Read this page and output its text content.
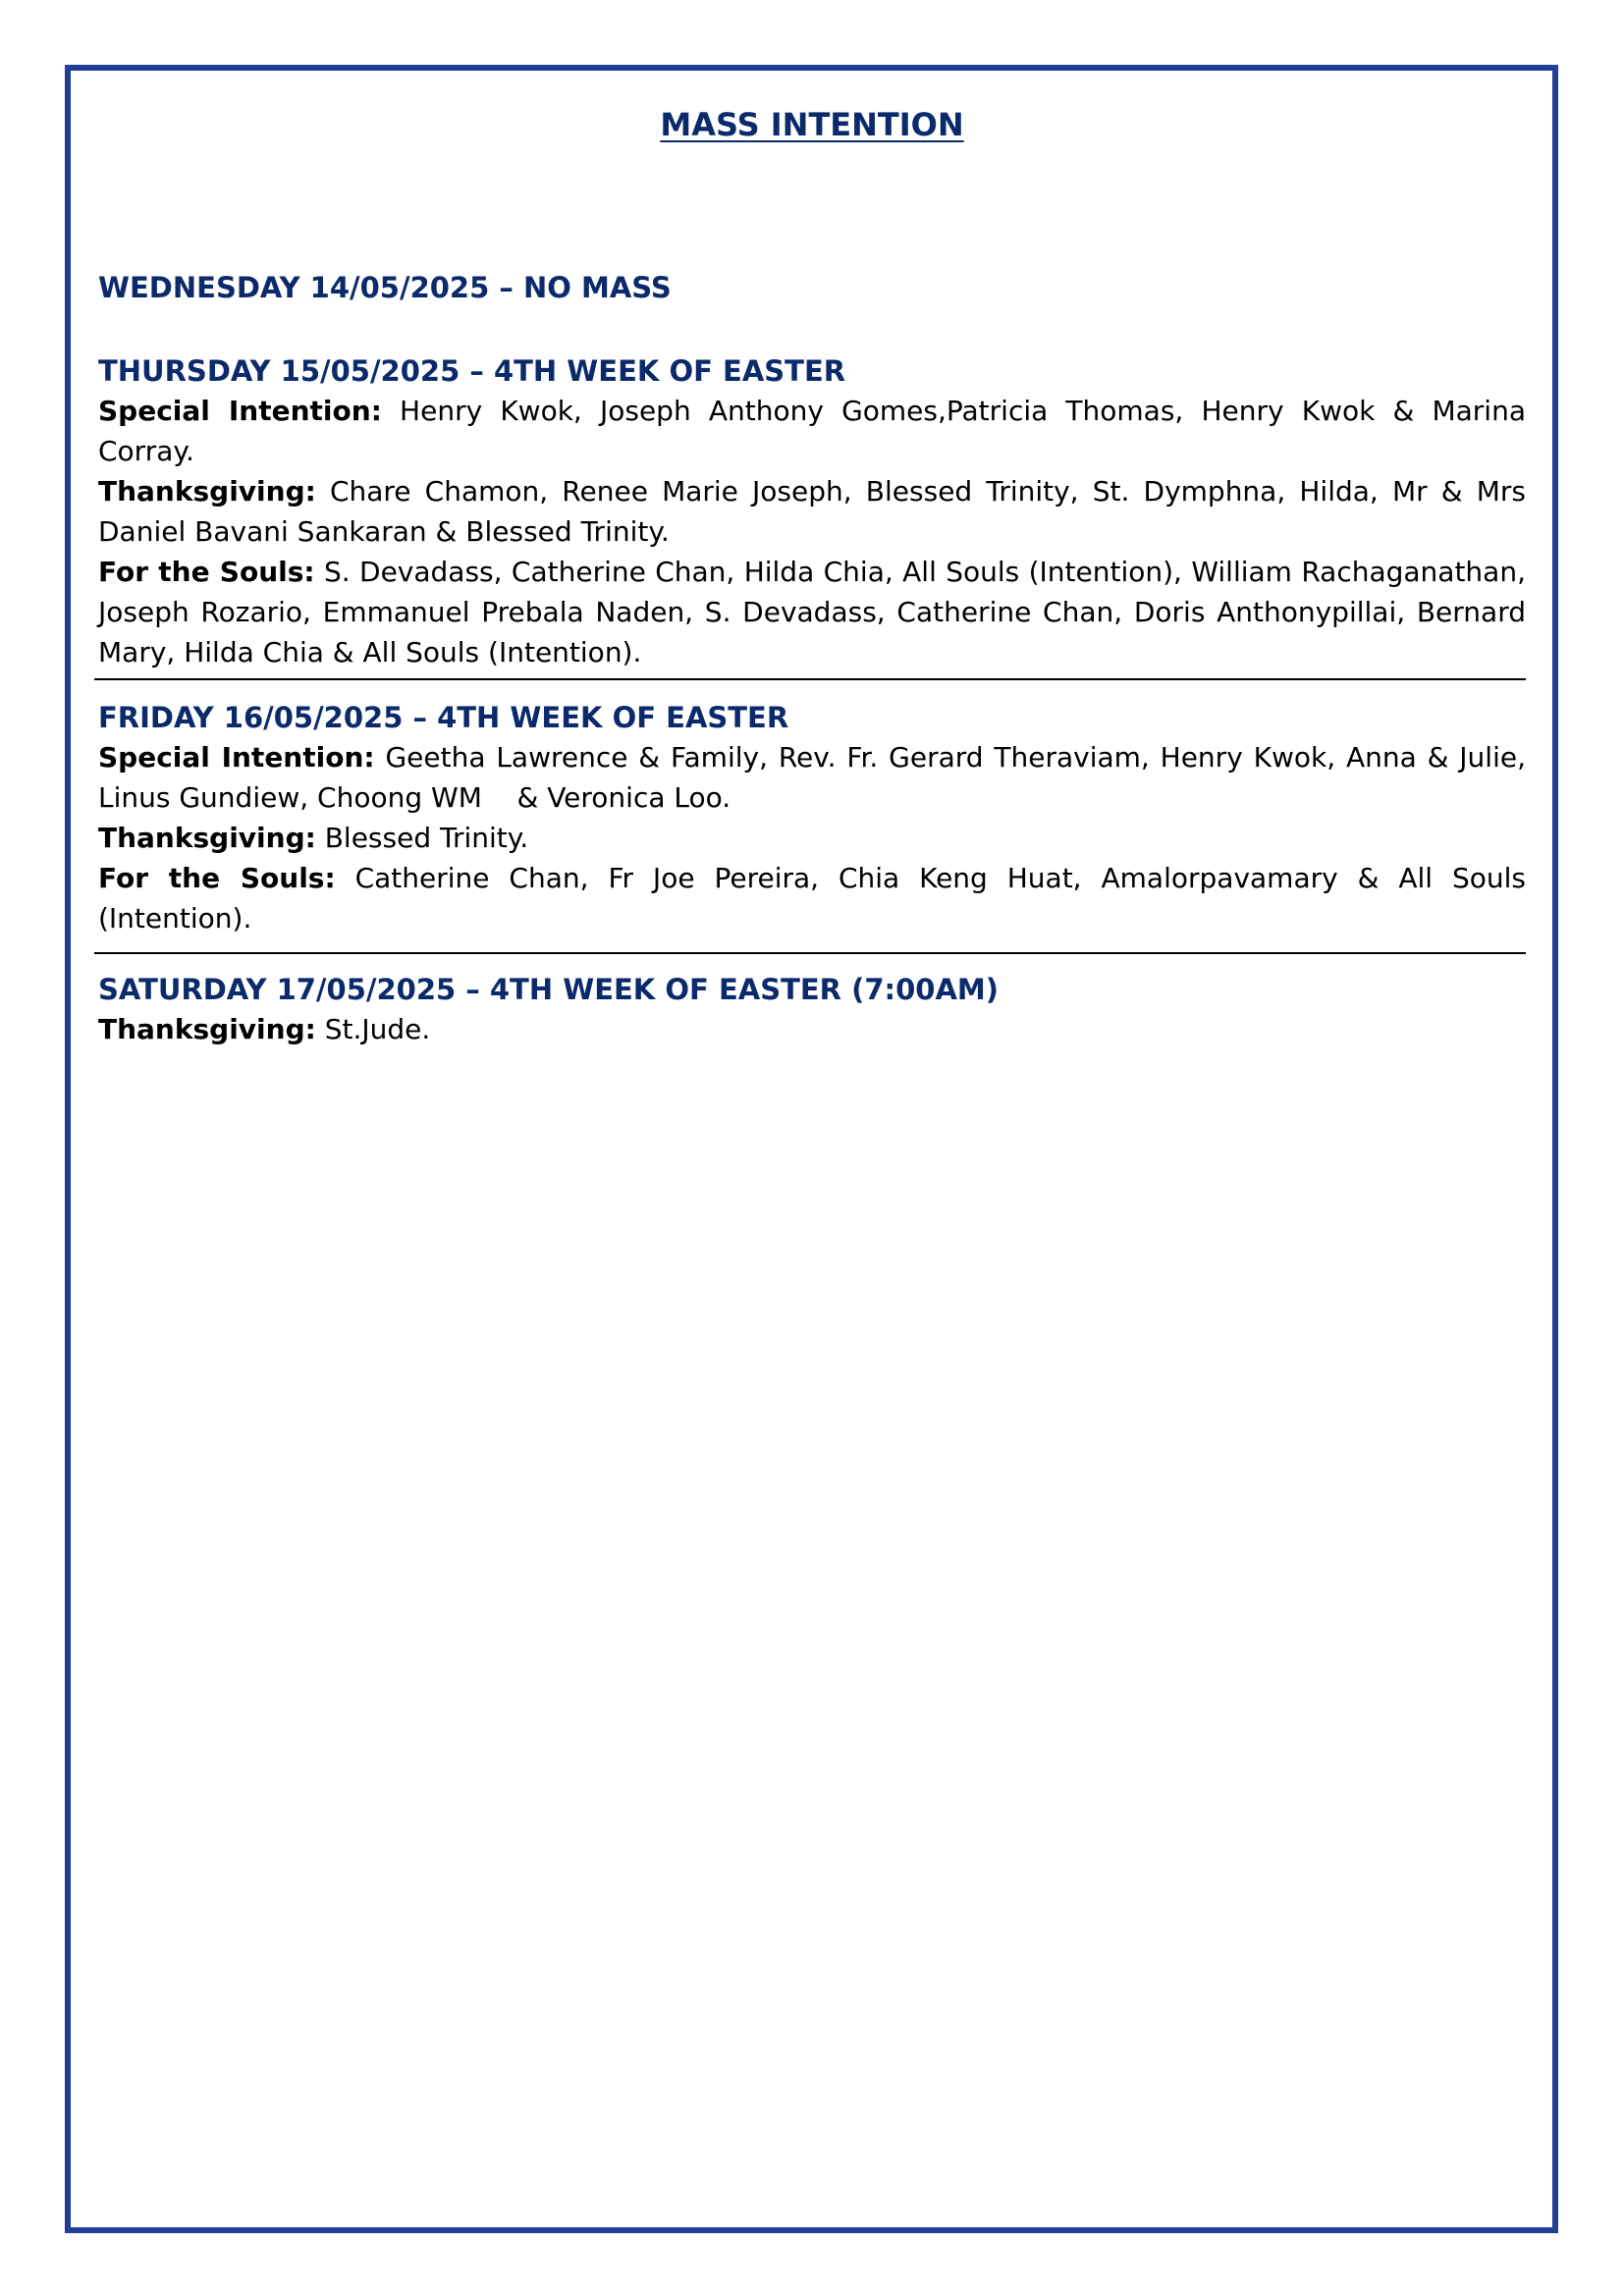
MASS INTENTION

WEDNESDAY 14/05/2025 – NO MASS

THURSDAY 15/05/2025 – 4TH WEEK OF EASTER

Special Intention: Henry Kwok, Joseph Anthony Gomes,Patricia Thomas, Henry Kwok & Marina Corray.

Thanksgiving: Chare Chamon, Renee Marie Joseph, Blessed Trinity, St. Dymphna, Hilda, Mr & Mrs Daniel Bavani Sankaran & Blessed Trinity.

For the Souls: S. Devadass, Catherine Chan, Hilda Chia, All Souls (Intention), William Rachaganathan, Joseph Rozario, Emmanuel Prebala Naden, S. Devadass, Catherine Chan, Doris Anthonypillai, Bernard Mary, Hilda Chia & All Souls (Intention).

FRIDAY 16/05/2025 – 4TH WEEK OF EASTER

Special Intention: Geetha Lawrence & Family, Rev. Fr. Gerard Theraviam, Henry Kwok, Anna & Julie, Linus Gundiew, Choong WM    & Veronica Loo.

Thanksgiving: Blessed Trinity.

For the Souls: Catherine Chan, Fr Joe Pereira, Chia Keng Huat, Amalorpavamary & All Souls (Intention).

SATURDAY 17/05/2025 – 4TH WEEK OF EASTER (7:00AM)

Thanksgiving: St.Jude.
